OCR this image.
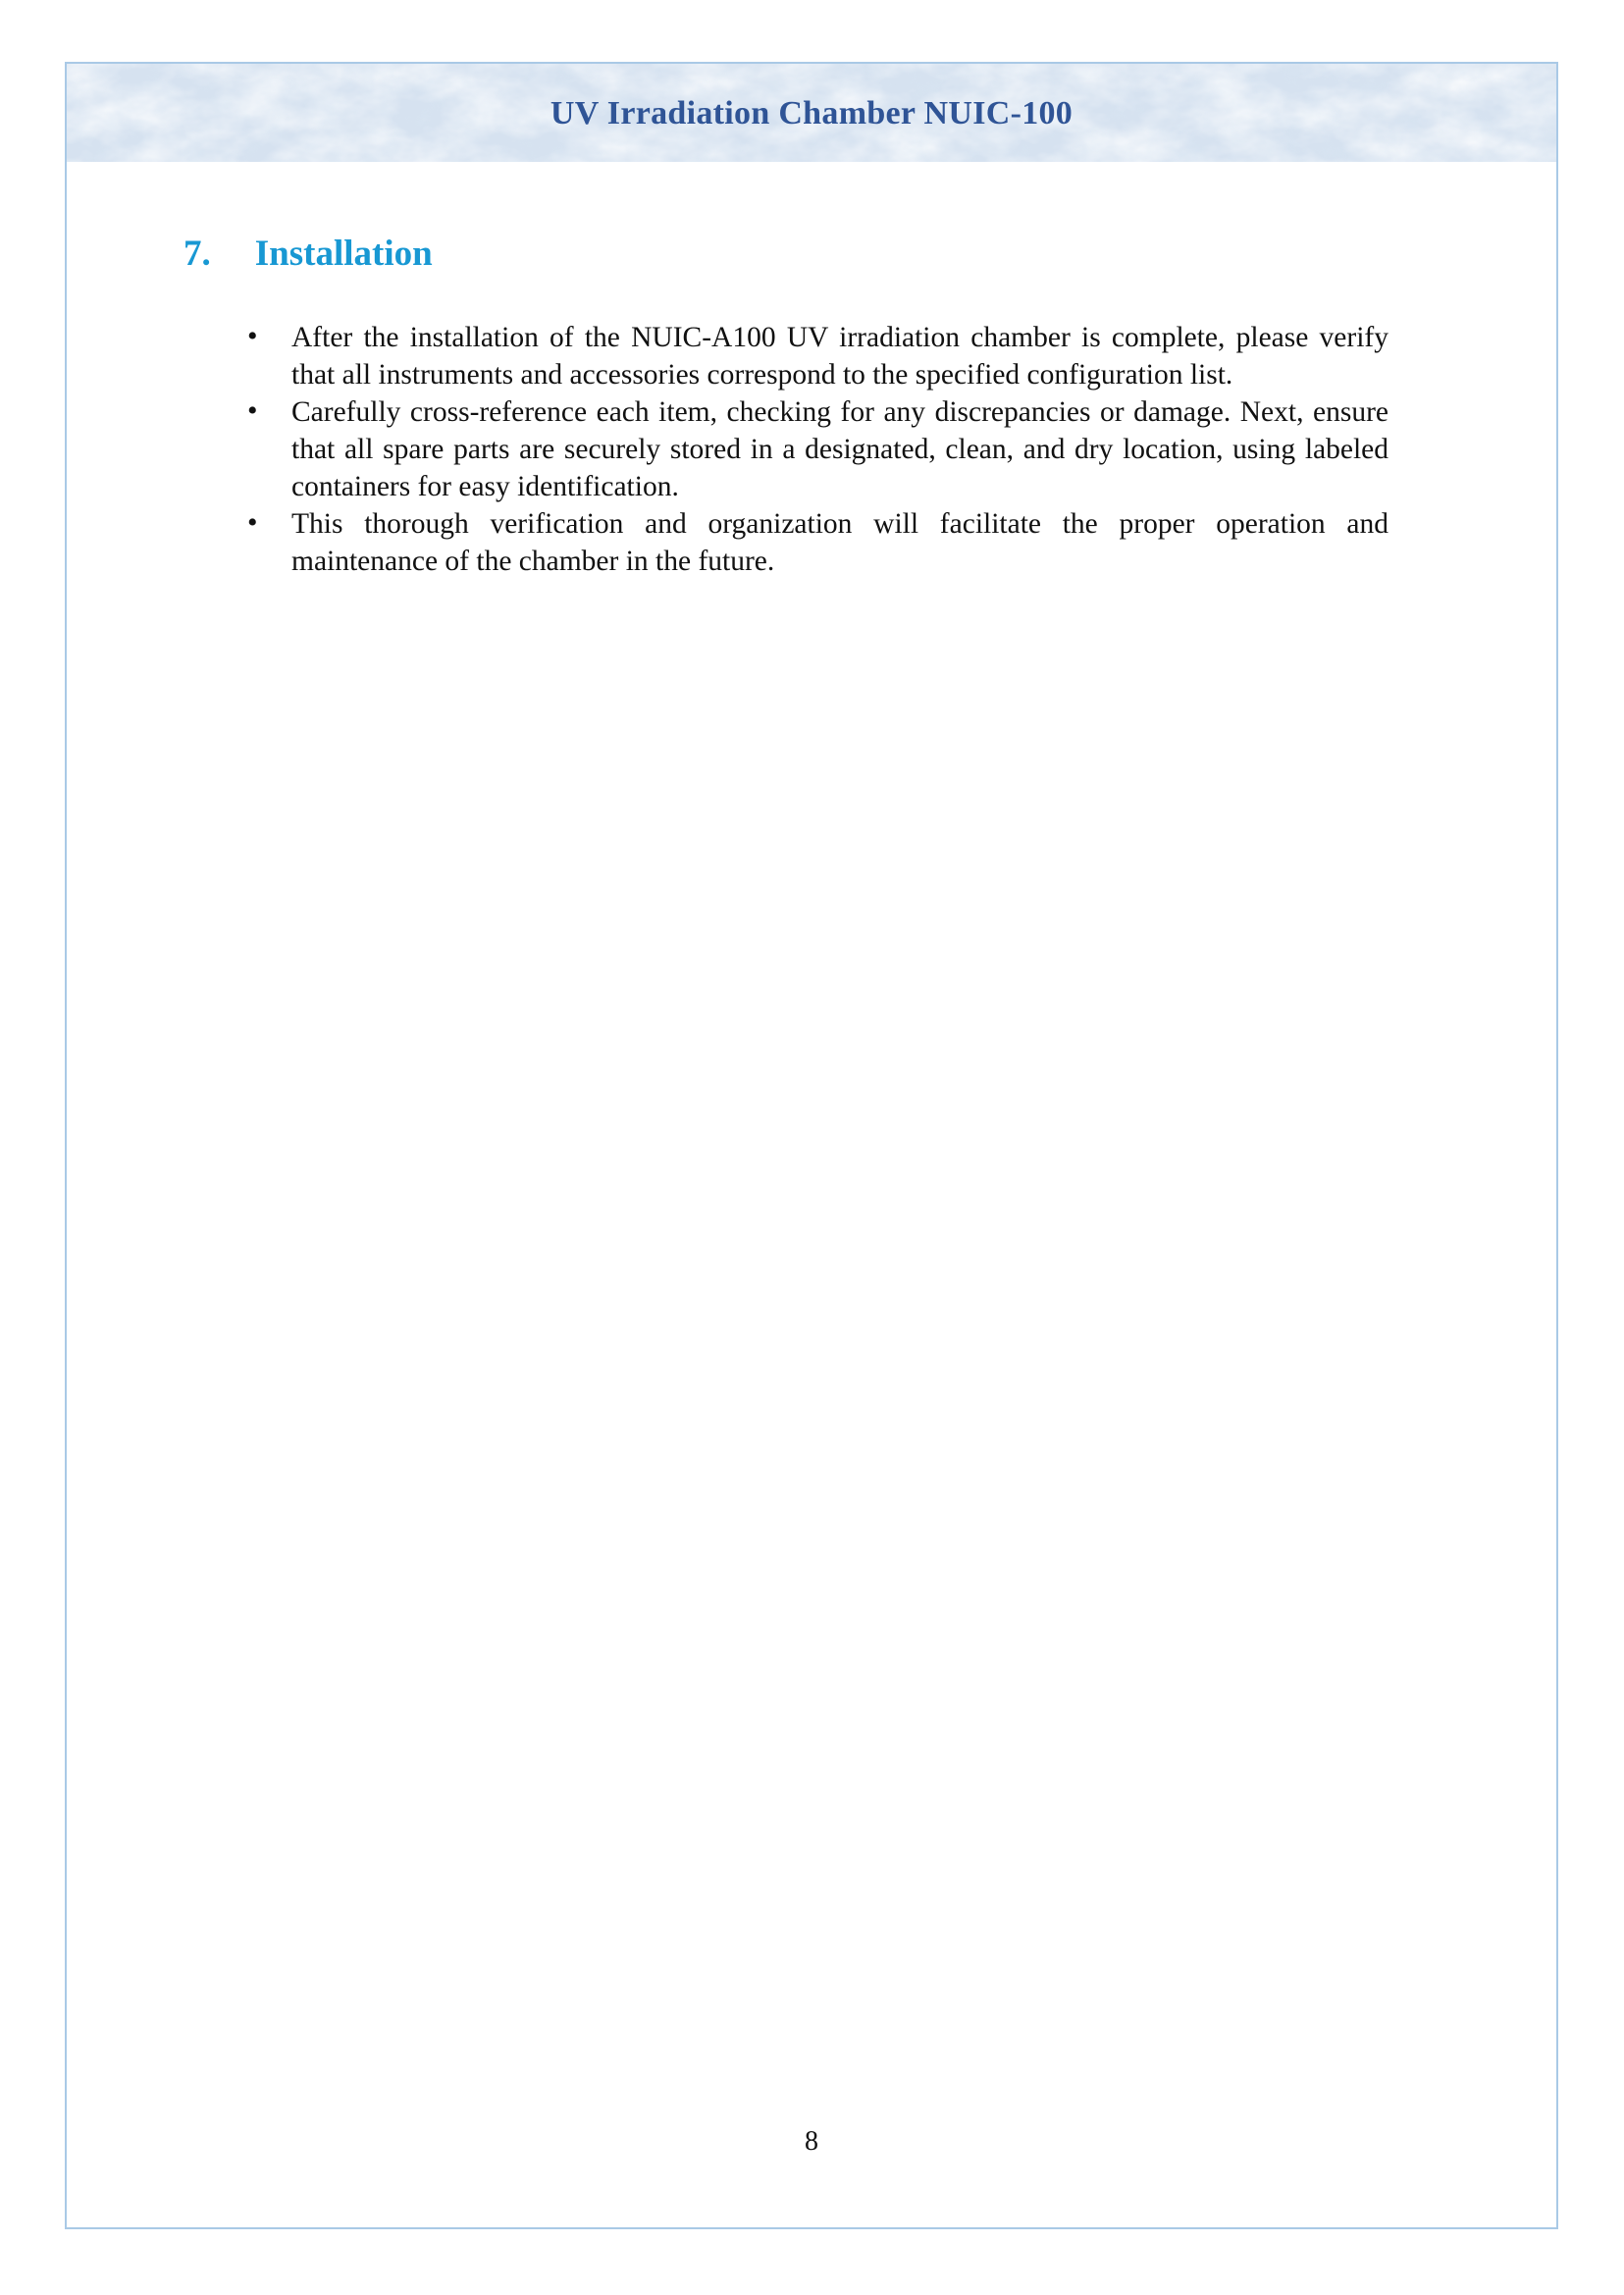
UV Irradiation Chamber NUIC-100
7. Installation
• After the installation of the NUIC-A100 UV irradiation chamber is complete, please verify that all instruments and accessories correspond to the specified configuration list.
• Carefully cross-reference each item, checking for any discrepancies or damage. Next, ensure that all spare parts are securely stored in a designated, clean, and dry location, using labeled containers for easy identification.
• This thorough verification and organization will facilitate the proper operation and maintenance of the chamber in the future.
8
